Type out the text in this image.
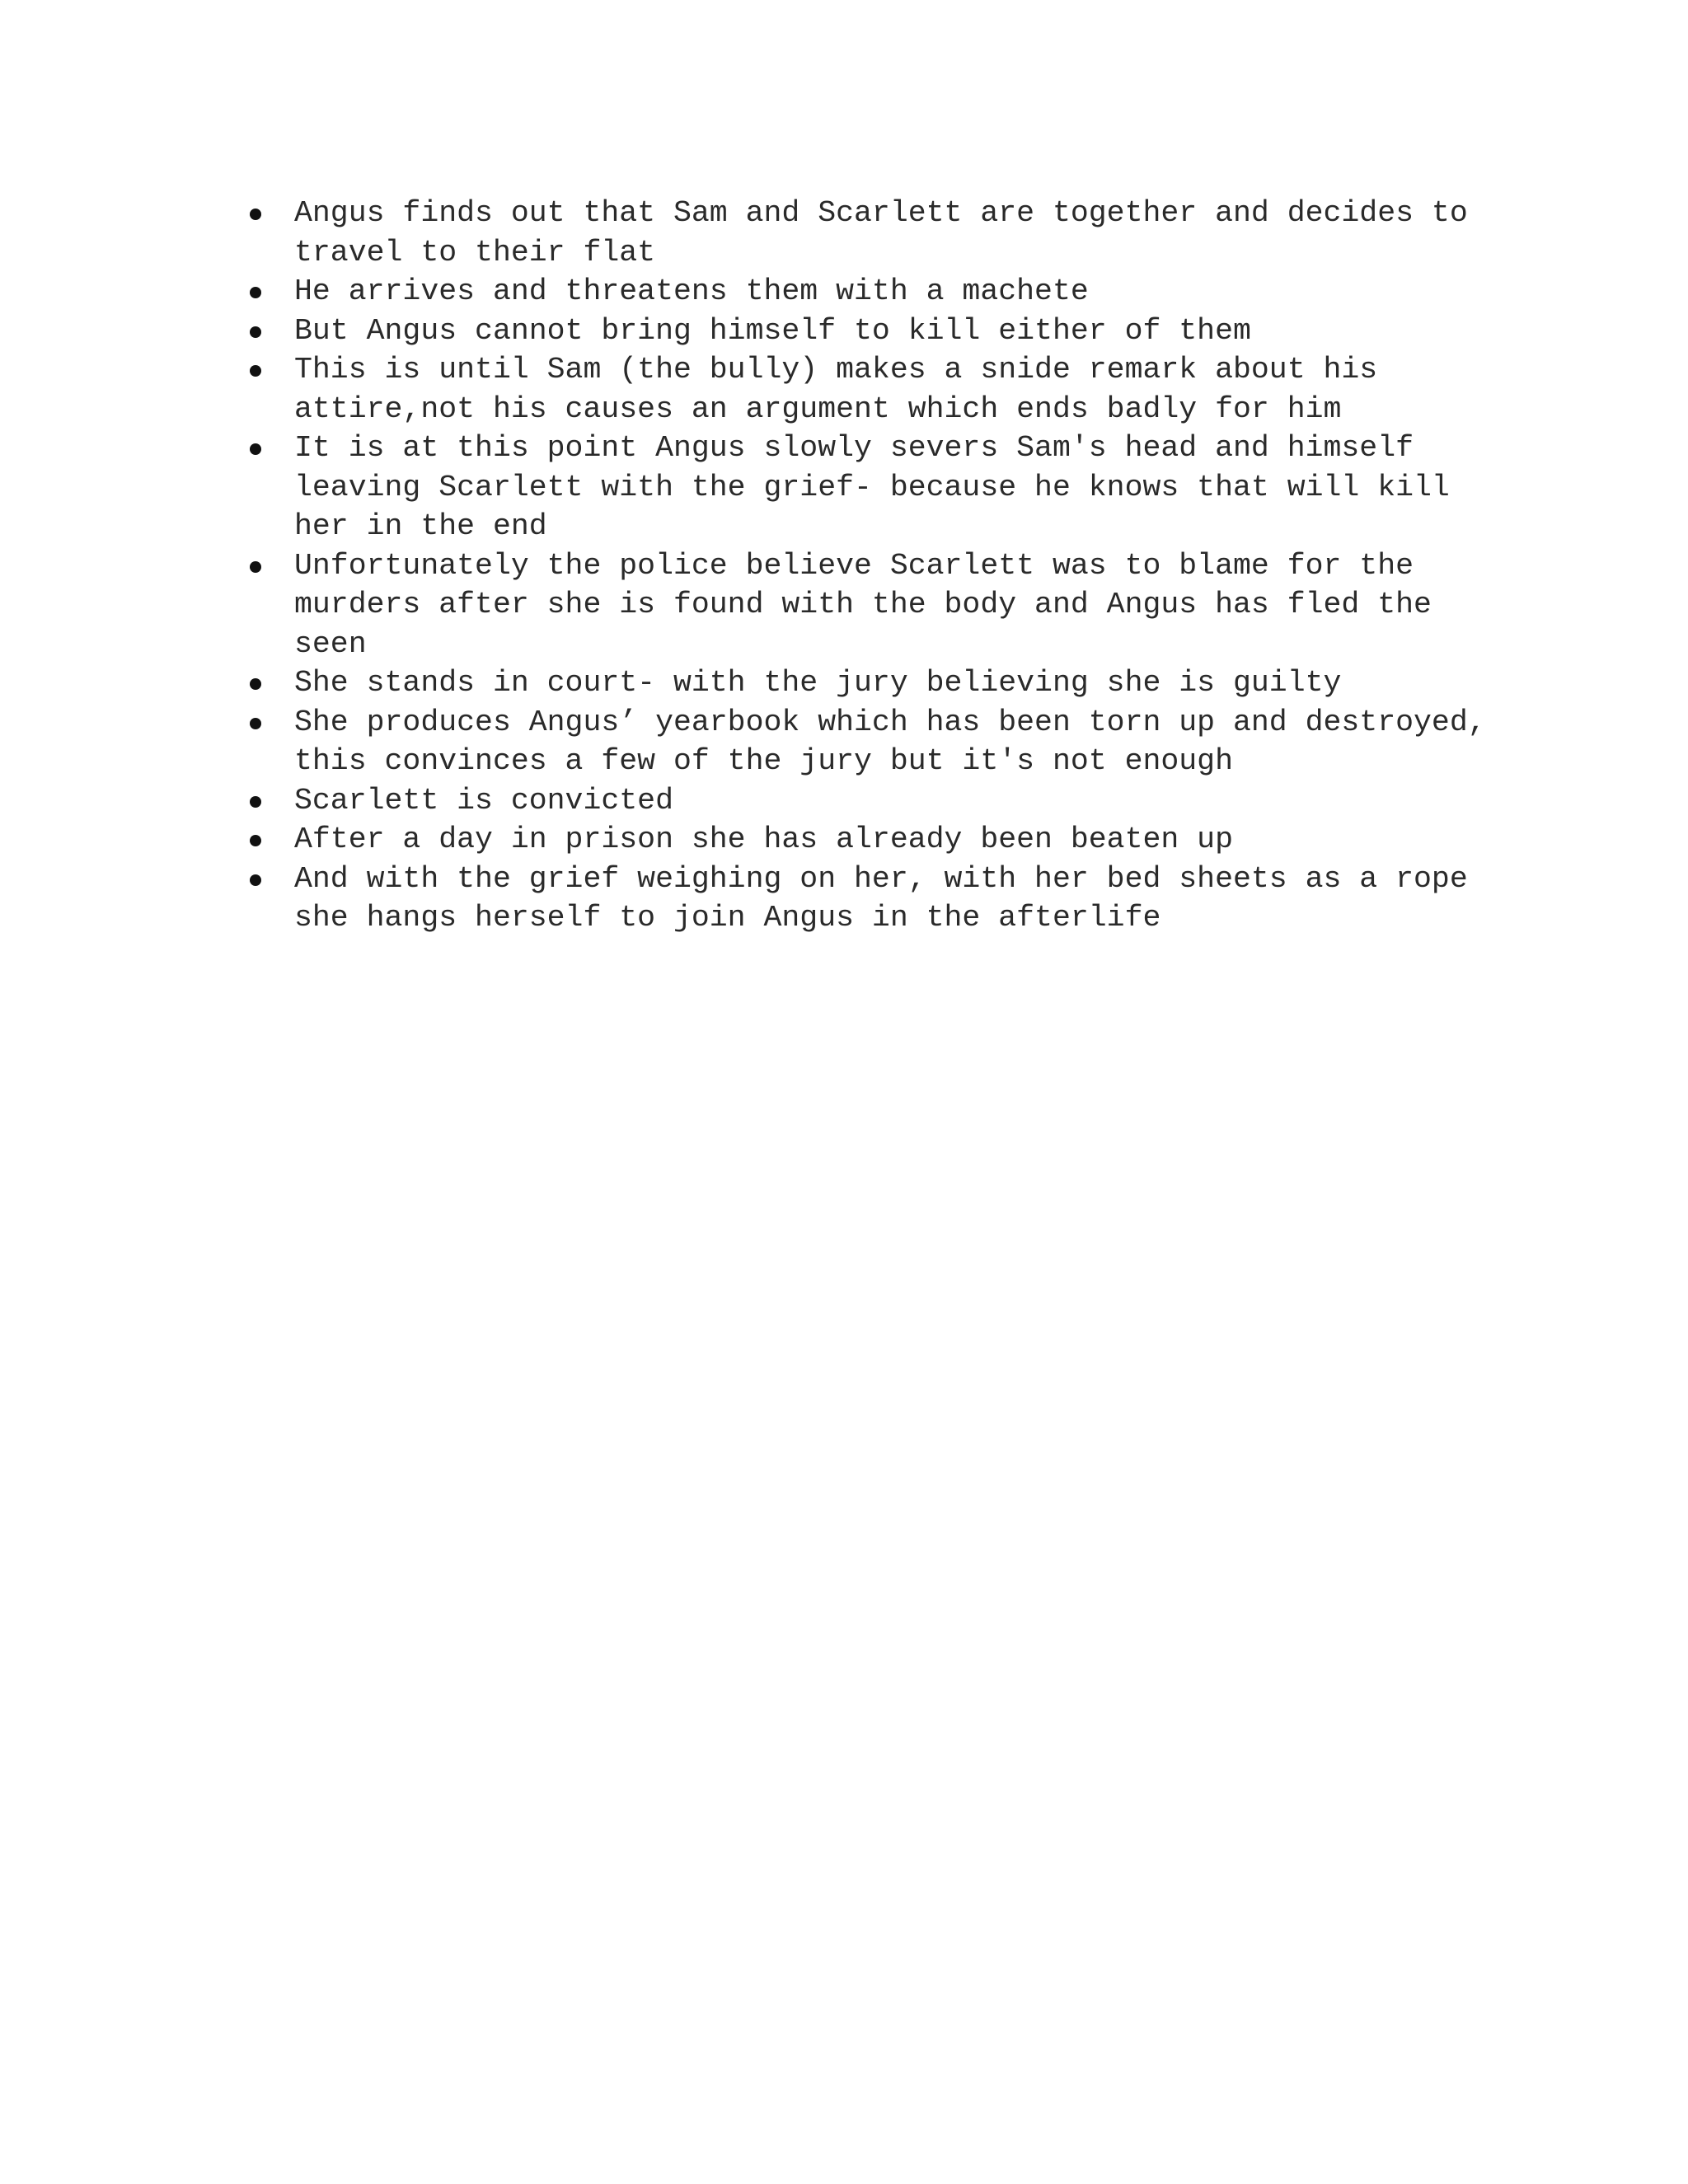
Angus finds out that Sam and Scarlett are together and decides to travel to their flat
He arrives and threatens them with a machete
But Angus cannot bring himself to kill either of them
This is until Sam (the bully) makes a snide remark about his attire,not his causes an argument which ends badly for him
It is at this point Angus slowly severs Sam's head and himself leaving Scarlett with the grief- because he knows that will kill her in the end
Unfortunately the police believe Scarlett was to blame for the murders after she is found with the body and Angus has fled the seen
She stands in court- with the jury believing she is guilty
She produces Angus’ yearbook which has been torn up and destroyed, this convinces a few of the jury but it's not enough
Scarlett is convicted
After a day in prison she has already been beaten up
And with the grief weighing on her, with her bed sheets as a rope she hangs herself to join Angus in the afterlife
